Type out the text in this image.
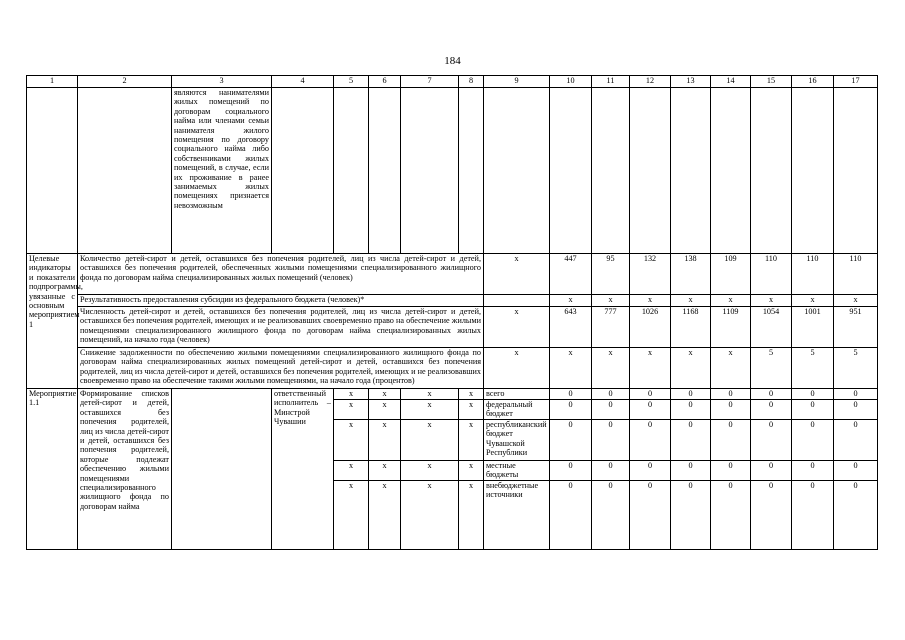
184
1	2	3	4	5	6	7	8	9	10	11	12	13	14	15	16	17
		являются нанимателями жилых помещений по договорам социального найма или членами семьи нанимателя жилого помещения по договору социального найма либо собственниками жилых помещений, в случае, если их проживание в ранее занимаемых жилых помещениях признается невозможным														
Целевые индикаторы и показатели подпрограммы, увязанные с основным мероприятием 1	Количество детей-сирот и детей, оставшихся без попечения родителей, лиц из числа детей-сирот и детей, оставшихся без попечения родителей, обеспеченных жилыми помещениями специализированного жилищного фонда по договорам найма специализированных жилых помещений (человек)							x	447	95	132	138	109	110	110	110
	Результативность предоставления субсидии из федерального бюджета (человек)*								x	x	x	x	x	x	x	x
	Численность детей-сирот и детей, оставшихся без попечения родителей, лиц из числа детей-сирот и детей, оставшихся без попечения родителей, имеющих и не реализовавших своевременно право на обеспечение жилыми помещениями специализированного жилищного фонда по договорам найма специализированных жилых помещений, на начало года (человек)							x	643	777	1026	1168	1109	1054	1001	951
	Снижение задолженности по обеспечению жилыми помещениями специализированного жилищного фонда по договорам найма специализированных жилых помещений детей-сирот и детей, оставшихся без попечения родителей, лиц из числа детей-сирот и детей, оставшихся без попечения родителей, имеющих и не реализовавших своевременно право на обеспечение такими жилыми помещениями, на начало года (процентов)							x	x	x	x	x	x	5	5	5
Мероприятие 1.1	Формирование списков детей-сирот и детей, оставшихся без попечения родителей, лиц из числа детей-сирот и детей, оставшихся без попечения родителей, которые подлежат обеспечению жилыми помещениями специализированного жилищного фонда по договорам найма		ответственный исполнитель – Минстрой Чувашии	x	x	x	x	всего	0	0	0	0	0	0	0	0
				x	x	x	x	федеральный бюджет	0	0	0	0	0	0	0	0
				x	x	x	x	республиканский бюджет Чувашской Республики	0	0	0	0	0	0	0	0
				x	x	x	x	местные бюджеты	0	0	0	0	0	0	0	0
				x	x	x	x	внебюджетные источники	0	0	0	0	0	0	0	0
